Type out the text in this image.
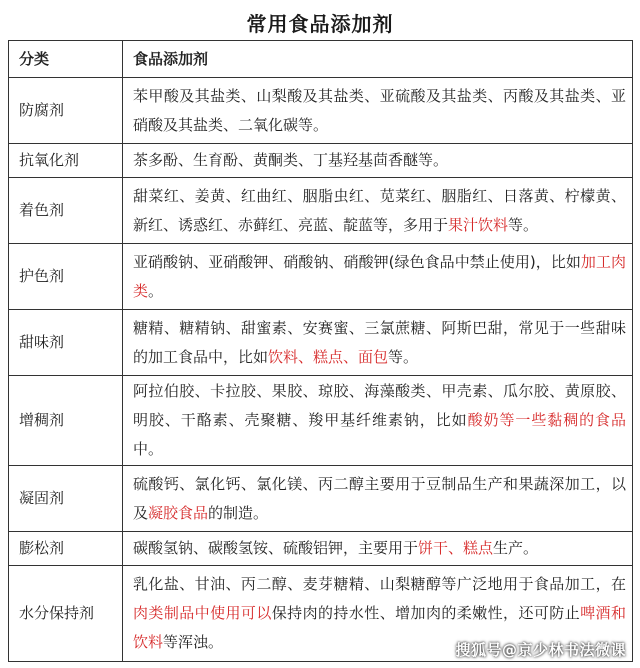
常用食品添加剂
分类	食品添加剂
防腐剂	苯甲酸及其盐类、山梨酸及其盐类、亚硫酸及其盐类、丙酸及其盐类、亚硝酸及其盐类、二氧化碳等。
抗氧化剂	茶多酚、生育酚、黄酮类、丁基羟基茴香醚等。
着色剂	甜菜红、姜黄、红曲红、胭脂虫红、苋菜红、胭脂红、日落黄、柠檬黄、新红、诱惑红、赤藓红、亮蓝、靛蓝等，多用于果汁饮料等。
护色剂	亚硝酸钠、亚硝酸钾、硝酸钠、硝酸钾(绿色食品中禁止使用)，比如加工肉类。
甜味剂	糖精、糖精钠、甜蜜素、安赛蜜、三氯蔗糖、阿斯巴甜，常见于一些甜味的加工食品中，比如饮料、糕点、面包等。
增稠剂	阿拉伯胶、卡拉胶、果胶、琼胶、海藻酸类、甲壳素、瓜尔胶、黄原胶、明胶、干酪素、壳聚糖、羧甲基纤维素钠，比如酸奶等一些黏稠的食品中。
凝固剂	硫酸钙、氯化钙、氯化镁、丙二醇主要用于豆制品生产和果蔬深加工，以及凝胶食品的制造。
膨松剂	碳酸氢钠、碳酸氢铵、硫酸铝钾，主要用于饼干、糕点生产。
水分保持剂	乳化盐、甘油、丙二醇、麦芽糖精、山梨糖醇等广泛地用于食品加工，在肉类制品中使用可以保持肉的持水性、增加肉的柔嫩性，还可防止啤酒和饮料等浑浊。	搜狐号@京少林书法微课
